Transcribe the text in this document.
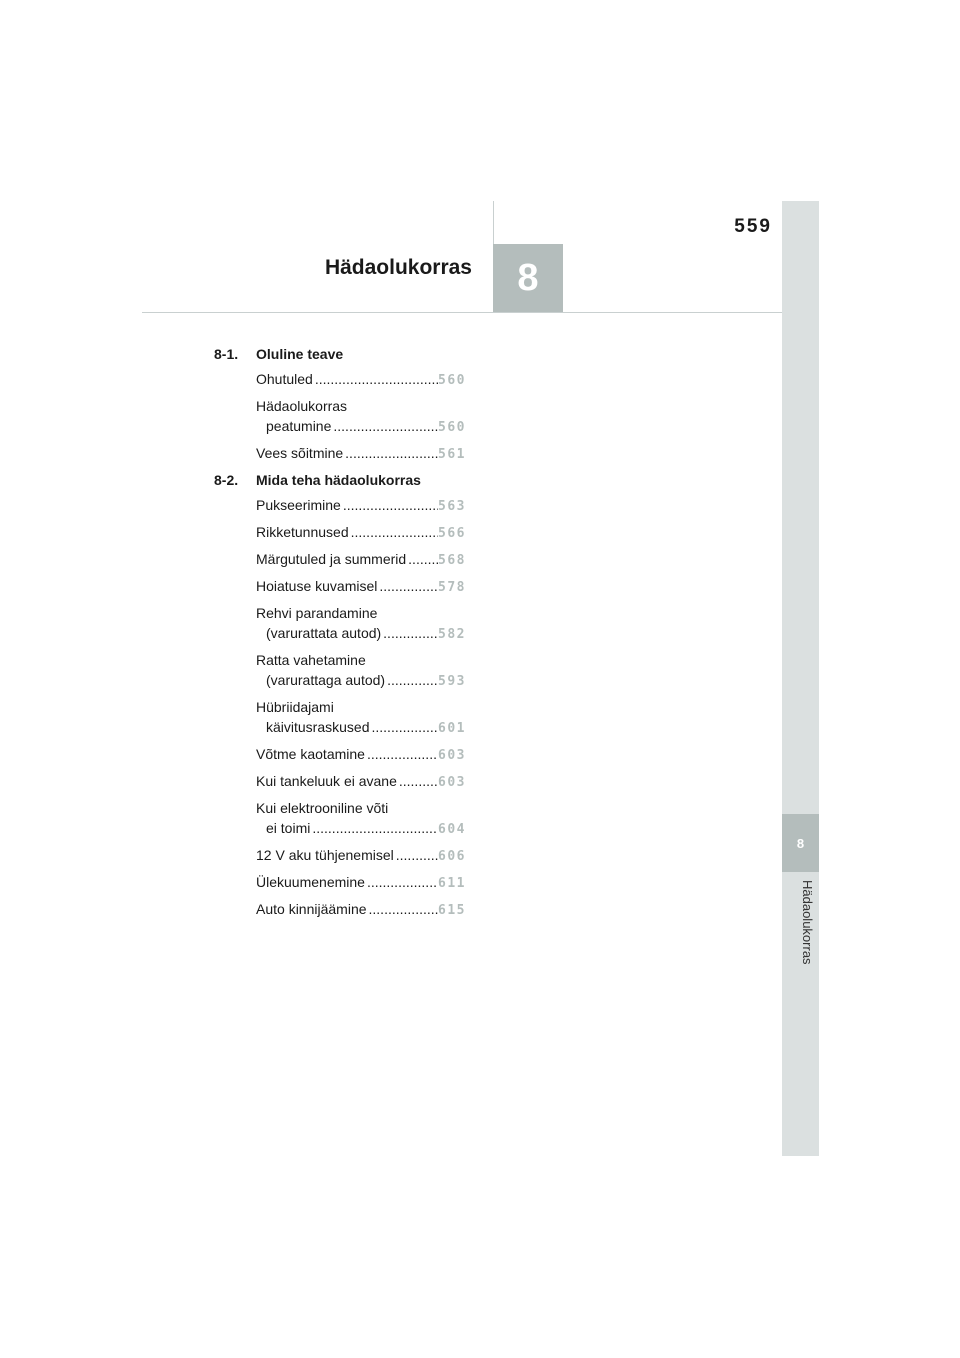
559
Hädaolukorras	8
8
Hädaolukorras
8-1.	Oluline teave
Ohutuled .....	560
Hädaolukorras
peatumine .....	560
Vees sõitmine .....	561
8-2.	Mida teha hädaolukorras
Pukseerimine .....	563
Rikketunnused .....	566
Märgutuled ja summerid ..... 568
Hoiatuse kuvamisel .....	578
Rehvi parandamine
(varurattata autod) .....	582
Ratta vahetamine
(varurattaga autod) .....	593
Hübriidajami
käivitusraskused .....	601
Võtme kaotamine .....	603
Kui tankeluuk ei avane .....	603
Kui elektrooniline võti
ei toimi .....	604
12 V aku tühjenemisel .....	606
Ülekuumenemine .....	611
Auto kinnijäämine .....	615
